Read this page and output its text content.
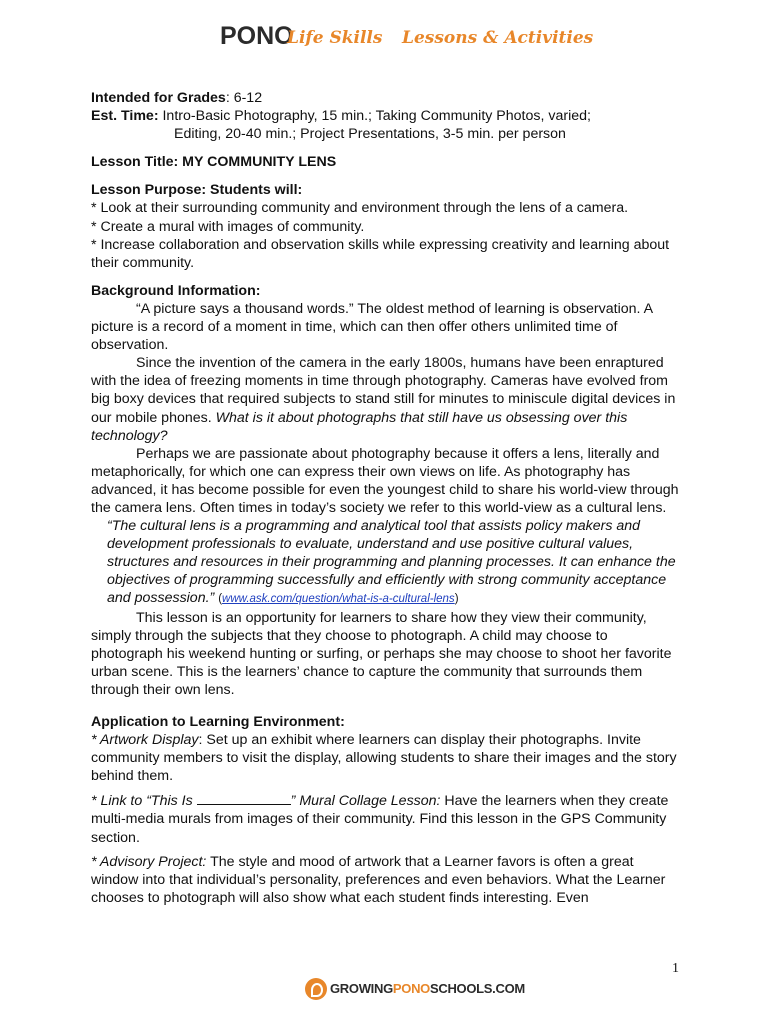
PONO
Life Skills Lessons & Activities

Intended for Grades: 6-12

Est. Time: Intro-Basic Photography, 15 min.; Taking Community Photos, varied;

Editing, 20-40 min.; Project Presentations, 3-5 min. per person

Lesson Title: MY COMMUNITY LENS

Lesson Purpose: Students will:

* Look at their surrounding community and environment through the lens of a camera.

* Create a mural with images of community.

* Increase collaboration and observation skills while expressing creativity and learning about their community.

Background Information:

“A picture says a thousand words.” The oldest method of learning is observation. A picture is a record of a moment in time, which can then offer others unlimited time of observation.

Since the invention of the camera in the early 1800s, humans have been enraptured with the idea of freezing moments in time through photography. Cameras have evolved from big boxy devices that required subjects to stand still for minutes to miniscule digital devices in our mobile phones. What is it about photographs that still have us obsessing over this technology?

Perhaps we are passionate about photography because it offers a lens, literally and metaphorically, for which one can express their own views on life. As photography has advanced, it has become possible for even the youngest child to share his world-view through the camera lens. Often times in today’s society we refer to this world-view as a cultural lens.

“The cultural lens is a programming and analytical tool that assists policy makers and development professionals to evaluate, understand and use positive cultural values, structures and resources in their programming and planning processes. It can enhance the objectives of programming successfully and efficiently with strong community acceptance and possession.” (www.ask.com/question/what-is-a-cultural-lens)

This lesson is an opportunity for learners to share how they view their community, simply through the subjects that they choose to photograph. A child may choose to photograph his weekend hunting or surfing, or perhaps she may choose to shoot her favorite urban scene. This is the learners’ chance to capture the community that surrounds them through their own lens.

Application to Learning Environment:

* Artwork Display: Set up an exhibit where learners can display their photographs. Invite community members to visit the display, allowing students to share their images and the story behind them.

* Link to “This Is	” Mural Collage Lesson: Have the learners when they create multi-media murals from images of their community. Find this lesson in the GPS Community section.

* Advisory Project: The style and mood of artwork that a Learner favors is often a great window into that individual’s personality, preferences and even behaviors. What the Learner chooses to photograph will also show what each student finds interesting. Even

1
GROWINGPONOSCHOOLS.COM
